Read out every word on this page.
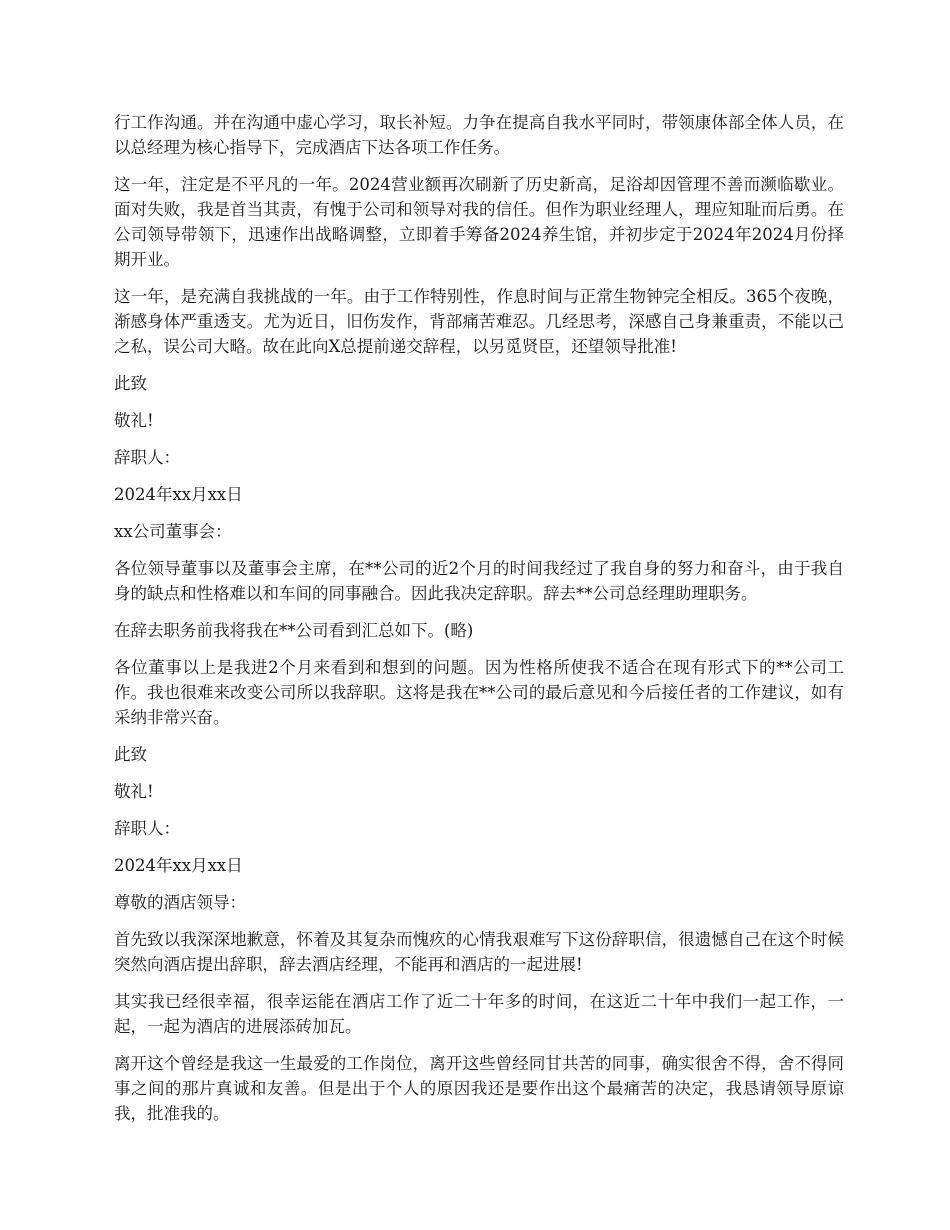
行工作沟通。并在沟通中虚心学习，取长补短。力争在提高自我水平同时，带领康体部全体人员，在以总经理为核心指导下，完成酒店下达各项工作任务。

这一年，注定是不平凡的一年。2024营业额再次刷新了历史新高，足浴却因管理不善而濒临歇业。面对失败，我是首当其责，有愧于公司和领导对我的信任。但作为职业经理人，理应知耻而后勇。在公司领导带领下，迅速作出战略调整，立即着手筹备2024养生馆，并初步定于2024年2024月份择期开业。

这一年，是充满自我挑战的一年。由于工作特别性，作息时间与正常生物钟完全相反。365个夜晚，渐感身体严重透支。尤为近日，旧伤发作，背部痛苦难忍。几经思考，深感自己身兼重责，不能以己之私，误公司大略。故在此向X总提前递交辞程，以另觅贤臣，还望领导批准!

此致

敬礼!

辞职人：

2024年xx月xx日

xx公司董事会：

各位领导董事以及董事会主席，在**公司的近2个月的时间我经过了我自身的努力和奋斗，由于我自身的缺点和性格难以和车间的同事融合。因此我决定辞职。辞去**公司总经理助理职务。

在辞去职务前我将我在**公司看到汇总如下。(略)

各位董事以上是我进2个月来看到和想到的问题。因为性格所使我不适合在现有形式下的**公司工作。我也很难来改变公司所以我辞职。这将是我在**公司的最后意见和今后接任者的工作建议，如有采纳非常兴奋。

此致

敬礼!

辞职人：

2024年xx月xx日

尊敬的酒店领导：

首先致以我深深地歉意，怀着及其复杂而愧疚的心情我艰难写下这份辞职信，很遗憾自己在这个时候突然向酒店提出辞职，辞去酒店经理，不能再和酒店的一起进展!

其实我已经很幸福，很幸运能在酒店工作了近二十年多的时间，在这近二十年中我们一起工作，一起，一起为酒店的进展添砖加瓦。

离开这个曾经是我这一生最爱的工作岗位，离开这些曾经同甘共苦的同事，确实很舍不得，舍不得同事之间的那片真诚和友善。但是出于个人的原因我还是要作出这个最痛苦的决定，我恳请领导原谅我，批准我的。
